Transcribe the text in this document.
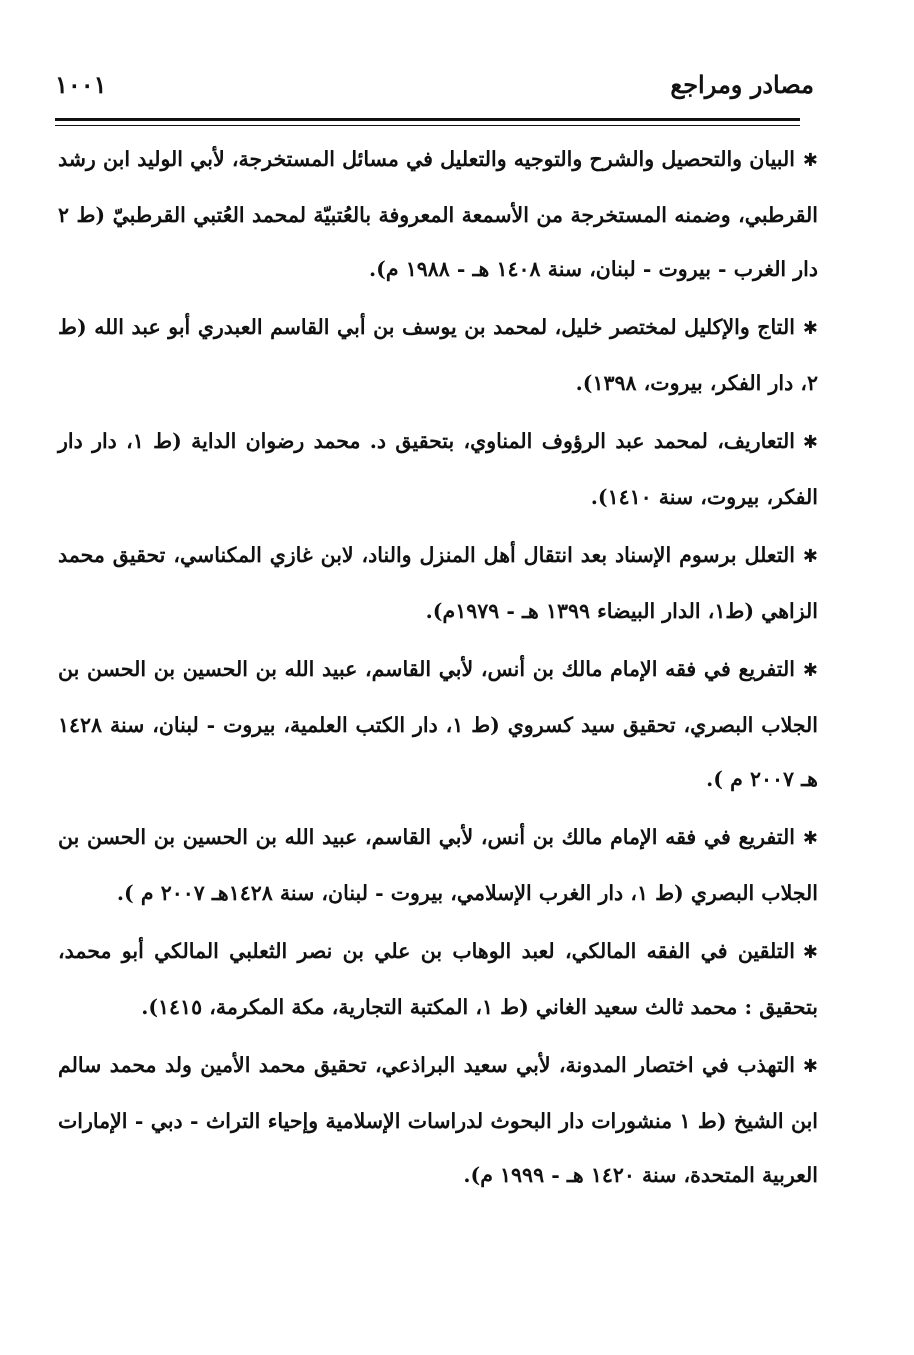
مصادر ومراجع
١٠٠١

✱البيان والتحصيل والشرح والتوجيه والتعليل في مسائل المستخرجة، لأبي الوليد ابن رشد القرطبي، وضمنه المستخرجة من الأسمعة المعروفة بالعُتبيّة لمحمد العُتبي القرطبيّ (ط ٢ دار الغرب - بيروت - لبنان، سنة ١٤٠٨ هـ - ١٩٨٨ م).

✱التاج والإكليل لمختصر خليل، لمحمد بن يوسف بن أبي القاسم العبدري أبو عبد الله (ط ٢، دار الفكر، بيروت، ١٣٩٨).

✱التعاريف، لمحمد عبد الرؤوف المناوي، بتحقيق د. محمد رضوان الداية (ط ١، دار دار الفكر، بيروت، سنة ١٤١٠).

✱التعلل برسوم الإسناد بعد انتقال أهل المنزل والناد، لابن غازي المكناسي، تحقيق محمد الزاهي (ط١، الدار البيضاء ١٣٩٩ هـ - ١٩٧٩م).

✱التفريع في فقه الإمام مالك بن أنس، لأبي القاسم، عبيد الله بن الحسين بن الحسن بن الجلاب البصري، تحقيق سيد كسروي (ط ١، دار الكتب العلمية، بيروت - لبنان، سنة ١٤٢٨ هـ ٢٠٠٧ م ).

✱التفريع في فقه الإمام مالك بن أنس، لأبي القاسم، عبيد الله بن الحسين بن الحسن بن الجلاب البصري (ط ١، دار الغرب الإسلامي، بيروت - لبنان، سنة ١٤٢٨هـ ٢٠٠٧ م ).

✱التلقين في الفقه المالكي، لعبد الوهاب بن علي بن نصر الثعلبي المالكي أبو محمد، بتحقيق : محمد ثالث سعيد الغاني (ط ١، المكتبة التجارية، مكة المكرمة، ١٤١٥).

✱التهذب في اختصار المدونة، لأبي سعيد البراذعي، تحقيق محمد الأمين ولد محمد سالم ابن الشيخ (ط ١ منشورات دار البحوث لدراسات الإسلامية وإحياء التراث - دبي - الإمارات العربية المتحدة، سنة ١٤٢٠ هـ - ١٩٩٩ م).
